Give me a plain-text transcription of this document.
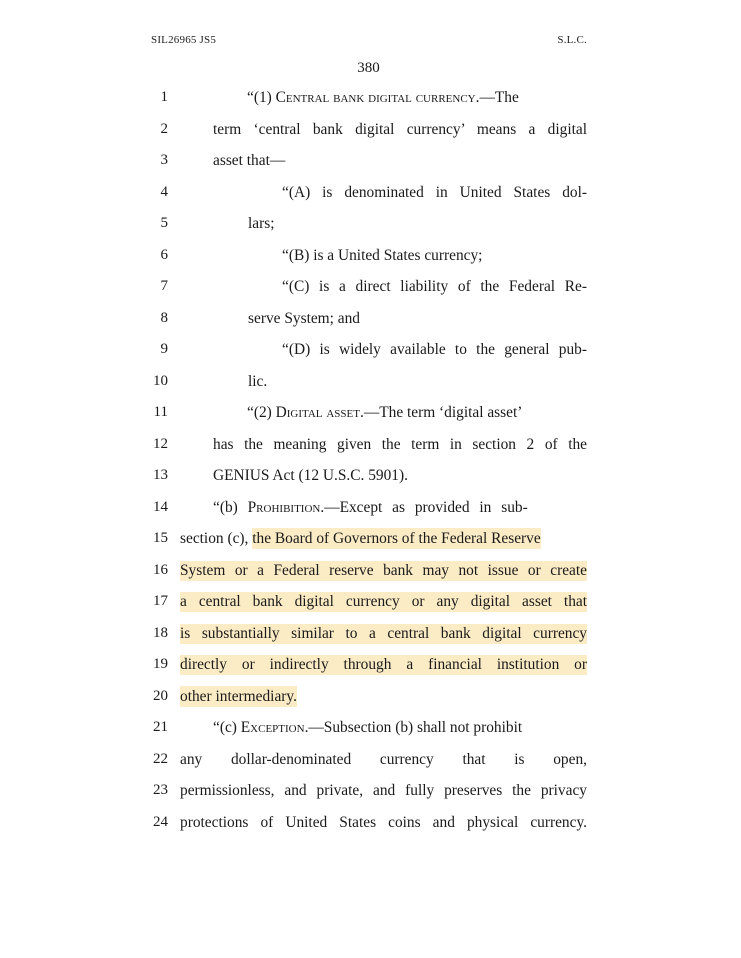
SIL26965 JS5	S.L.C.
380
1	“(1) Central bank digital currency.—The
2	term ‘central bank digital currency’ means a digital
3	asset that—
4	“(A) is denominated in United States dol-
5	lars;
6	“(B) is a United States currency;
7	“(C) is a direct liability of the Federal Re-
8	serve System; and
9	“(D) is widely available to the general pub-
10	lic.
11	“(2) Digital asset.—The term ‘digital asset’
12	has the meaning given the term in section 2 of the
13	GENIUS Act (12 U.S.C. 5901).
14	“(b) Prohibition.—Except as provided in sub-
15 section (c), the Board of Governors of the Federal Reserve
16 System or a Federal reserve bank may not issue or create
17 a central bank digital currency or any digital asset that
18 is substantially similar to a central bank digital currency
19 directly or indirectly through a financial institution or
20 other intermediary.
21	“(c) Exception.—Subsection (b) shall not prohibit
22 any dollar-denominated currency that is open,
23 permissionless, and private, and fully preserves the privacy
24 protections of United States coins and physical currency.
